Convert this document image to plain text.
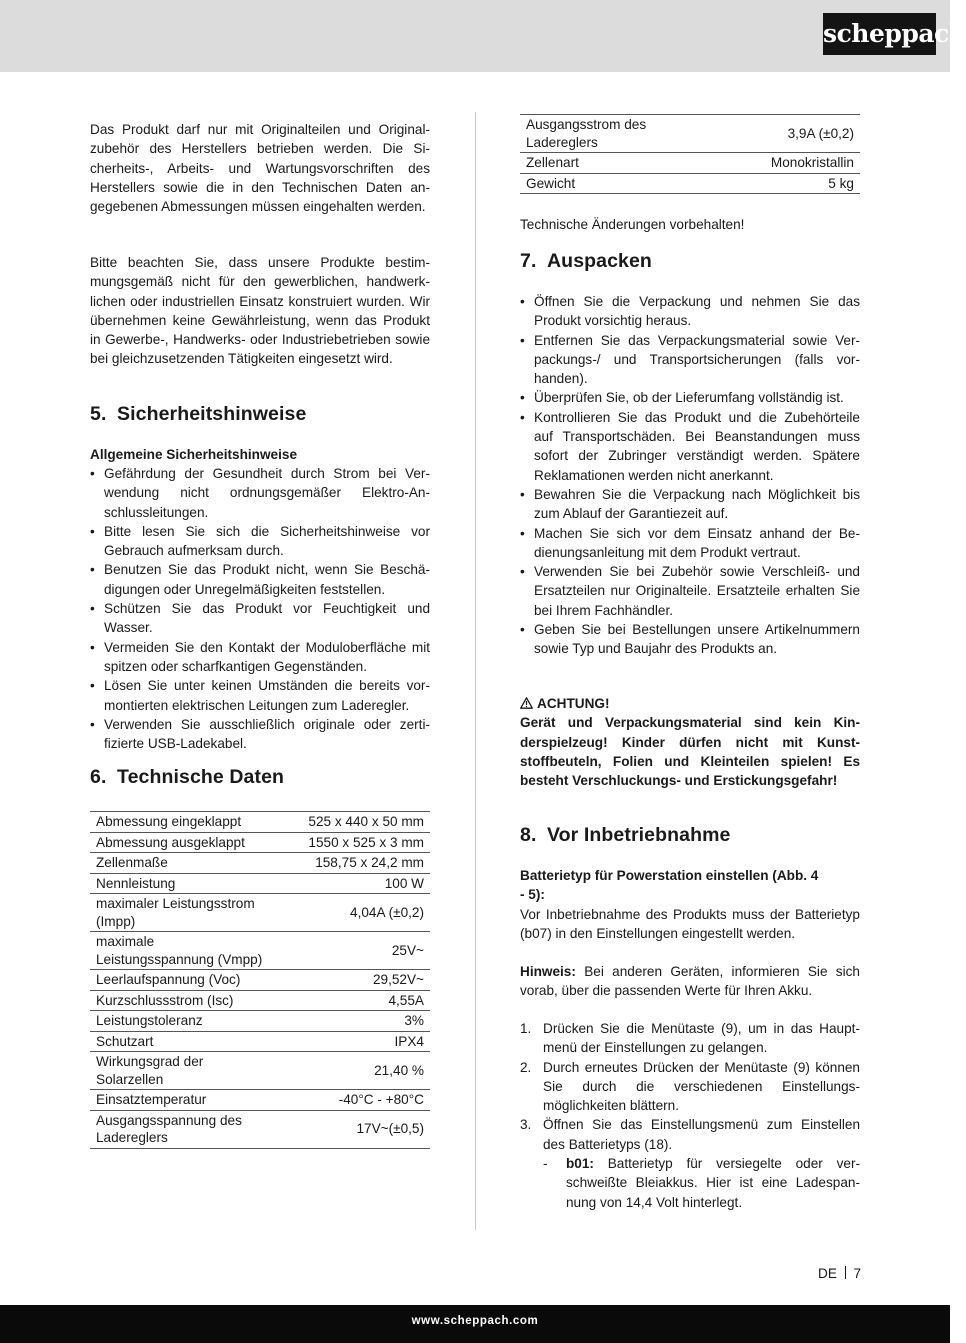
scheppach

Das Produkt darf nur mit Originalteilen und Originalzubehör des Herstellers betrieben werden. Die Sicherheits-, Arbeits- und Wartungsvorschriften des Herstellers sowie die in den Technischen Daten angegebenen Abmessungen müssen eingehalten werden.

Bitte beachten Sie, dass unsere Produkte bestimmungsgemäß nicht für den gewerblichen, handwerklichen oder industriellen Einsatz konstruiert wurden. Wir übernehmen keine Gewährleistung, wenn das Produkt in Gewerbe-, Handwerks- oder Industriebetrieben sowie bei gleichzusetzenden Tätigkeiten eingesetzt wird.

5. Sicherheitshinweise

Allgemeine Sicherheitshinweise

• Gefährdung der Gesundheit durch Strom bei Verwendung nicht ordnungsgemäßer Elektro-Anschlussleitungen.
• Bitte lesen Sie sich die Sicherheitshinweise vor Gebrauch aufmerksam durch.
• Benutzen Sie das Produkt nicht, wenn Sie Beschädigungen oder Unregelmäßigkeiten feststellen.
• Schützen Sie das Produkt vor Feuchtigkeit und Wasser.
• Vermeiden Sie den Kontakt der Moduloberfläche mit spitzen oder scharfkantigen Gegenständen.
• Lösen Sie unter keinen Umständen die bereits vormontierten elektrischen Leitungen zum Laderegler.
• Verwenden Sie ausschließlich originale oder zertifizierte USB-Ladekabel.
6. Technische Daten
Abmessung eingeklappt	525 x 440 x 50 mm
Abmessung ausgeklappt	1550 x 525 x 3 mm
Zellenmaße	158,75 x 24,2 mm
Nennleistung	100 W
maximaler Leistungsstrom (Impp)	4,04A (±0,2)
maximale Leistungsspannung (Vmpp)	25V~
Leerlaufspannung (Voc)	29,52V~
Kurzschlussstrom (Isc)	4,55A
Leistungstoleranz	3%
Schutzart	IPX4
Wirkungsgrad der Solarzellen	21,40 %
Einsatztemperatur	-40°C - +80°C
Ausgangsspannung des Ladereglers	17V~(±0,5)
Ausgangsstrom des Ladereglers	3,9A (±0,2)
Zellenart	Monokristallin
Gewicht	5 kg

Technische Änderungen vorbehalten!

7. Auspacken
• Öffnen Sie die Verpackung und nehmen Sie das Produkt vorsichtig heraus.
• Entfernen Sie das Verpackungsmaterial sowie Verpackungs-/ und Transportsicherungen (falls vorhanden).
• Überprüfen Sie, ob der Lieferumfang vollständig ist.
• Kontrollieren Sie das Produkt und die Zubehörteile auf Transportschäden. Bei Beanstandungen muss sofort der Zubringer verständigt werden. Spätere Reklamationen werden nicht anerkannt.
• Bewahren Sie die Verpackung nach Möglichkeit bis zum Ablauf der Garantiezeit auf.
• Machen Sie sich vor dem Einsatz anhand der Bedienungsanleitung mit dem Produkt vertraut.
• Verwenden Sie bei Zubehör sowie Verschleiß- und Ersatzteilen nur Originalteile. Ersatzteile erhalten Sie bei Ihrem Fachhändler.
• Geben Sie bei Bestellungen unsere Artikelnummern sowie Typ und Baujahr des Produkts an.

ACHTUNG!

Gerät und Verpackungsmaterial sind kein Kinderspielzeug! Kinder dürfen nicht mit Kunststoffbeuteln, Folien und Kleinteilen spielen! Es besteht Verschluckungs- und Erstickungsgefahr!

8. Vor Inbetriebnahme

Batterietyp für Powerstation einstellen (Abb. 4 - 5):

Vor Inbetriebnahme des Produkts muss der Batterietyp (b07) in den Einstellungen eingestellt werden.

Hinweis: Bei anderen Geräten, informieren Sie sich vorab, über die passenden Werte für Ihren Akku.

1. Drücken Sie die Menütaste (9), um in das Hauptmenü der Einstellungen zu gelangen.
2. Durch erneutes Drücken der Menütaste (9) können Sie durch die verschiedenen Einstellungsmöglichkeiten blättern.
3. Öffnen Sie das Einstellungsmenü zum Einstellen des Batterietyps (18).
- b01: Batterietyp für versiegelte oder verschweißte Bleiakkus. Hier ist eine Ladespannung von 14,4 Volt hinterlegt.
DE 7
www.scheppach.com
